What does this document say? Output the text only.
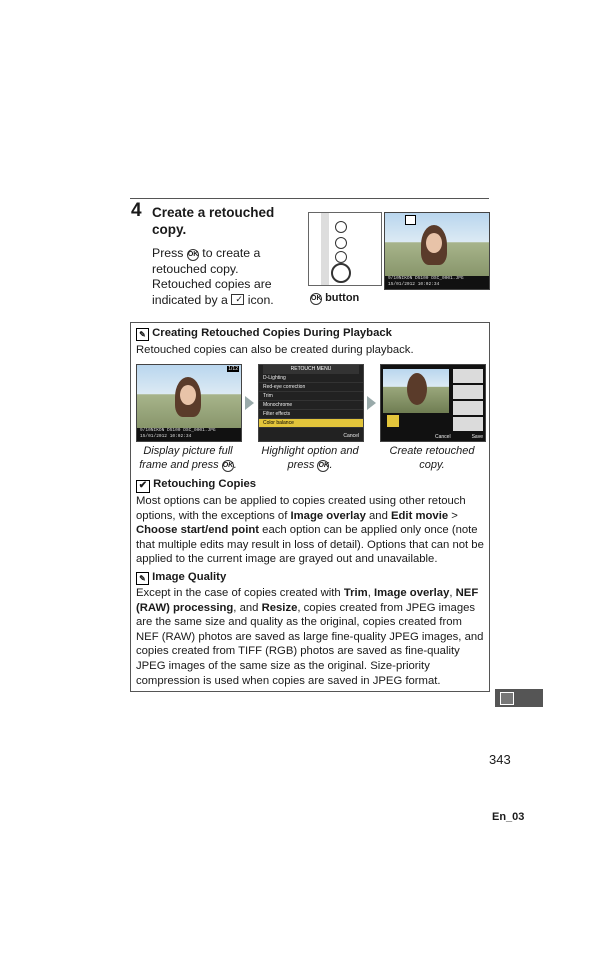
4 Create a retouched copy.
Press OK to create a retouched copy. Retouched copies are indicated by a ✓ icon.
9/10NIKON D5100 DSC_0001.JPG
15/01/2012 10:02:34
OK button
✎ Creating Retouched Copies During Playback
Retouched copies can also be created during playback.
1/12
9/10NIKON D5100 DSC_0001.JPG
15/01/2012 10:02:34
RETOUCH MENU
D-Lighting
Red-eye correction
Trim
Monochrome
Filter effects
Color balance
Cancel	Cancel	Save
Display picture full frame and press OK.
Highlight option and press OK.
Create retouched copy.
✔ Retouching Copies
Most options can be applied to copies created using other retouch options, with the exceptions of Image overlay and Edit movie > Choose start/end point each option can be applied only once (note that multiple edits may result in loss of detail). Options that can not be applied to the current image are grayed out and unavailable.
✎ Image Quality
Except in the case of copies created with Trim, Image overlay, NEF (RAW) processing, and Resize, copies created from JPEG images are the same size and quality as the original, copies created from NEF (RAW) photos are saved as large fine-quality JPEG images, and copies created from TIFF (RGB) photos are saved as fine-quality JPEG images of the same size as the original. Size-priority compression is used when copies are saved in JPEG format.
343
En_03
